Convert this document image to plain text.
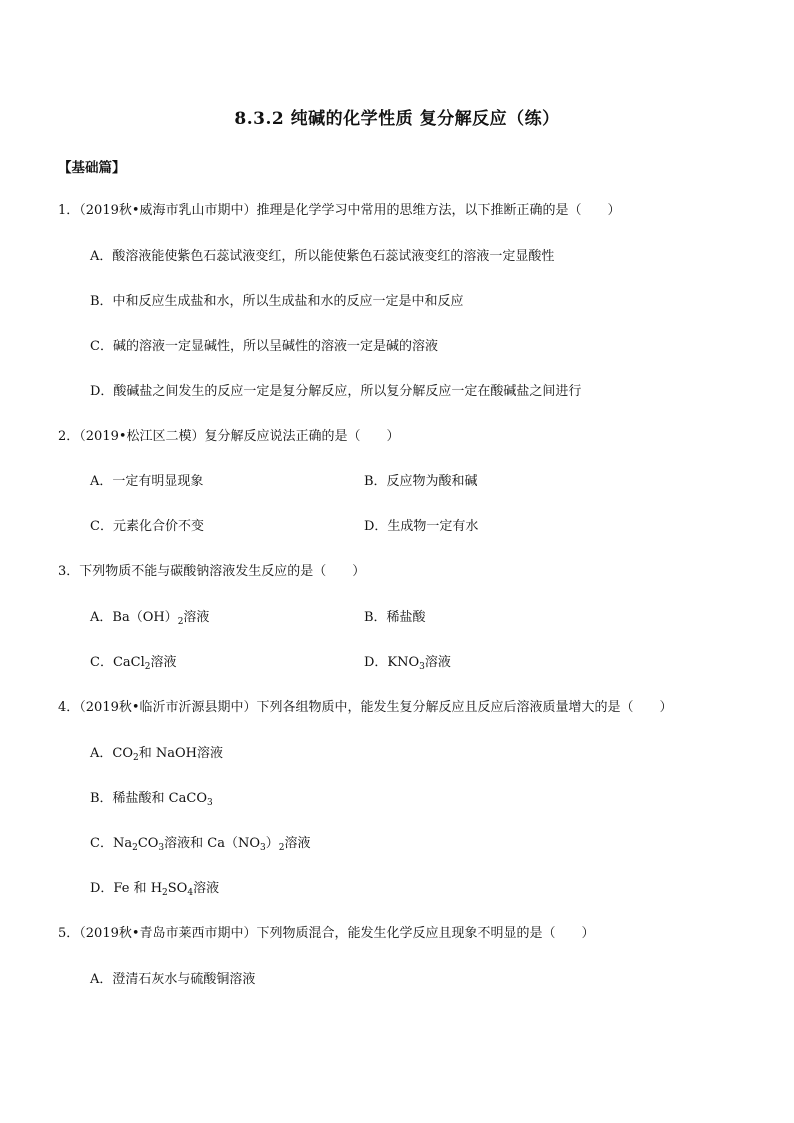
8.3.2 纯碱的化学性质 复分解反应（练）
【基础篇】
1．（2019秋•威海市乳山市期中）推理是化学学习中常用的思维方法，以下推断正确的是（　　）
A．酸溶液能使紫色石蕊试液变红，所以能使紫色石蕊试液变红的溶液一定显酸性
B．中和反应生成盐和水，所以生成盐和水的反应一定是中和反应
C．碱的溶液一定显碱性，所以呈碱性的溶液一定是碱的溶液
D．酸碱盐之间发生的反应一定是复分解反应，所以复分解反应一定在酸碱盐之间进行
2．（2019•松江区二模）复分解反应说法正确的是（　　）
A．一定有明显现象	B．反应物为酸和碱
C．元素化合价不变	D．生成物一定有水
3．下列物质不能与碳酸钠溶液发生反应的是（　　）
A．$Ba(OH)_2$溶液	B．稀盐酸
C．CaCl$_2$溶液	D．$KNO_3$溶液
4．（2019秋•临沂市沂源县期中）下列各组物质中，能发生复分解反应且反应后溶液质量增大的是（　　）
A．$CO_2$和 NaOH溶液
B．稀盐酸和 CaCO$_3$
C．$Na_2CO_3$溶液和 $Ca(NO_3)_2$溶液
D．Fe 和 $H_2SO_4$溶液
5．（2019秋•青岛市莱西市期中）下列物质混合，能发生化学反应且现象不明显的是（　　）
A．澄清石灰水与硫酸铜溶液
